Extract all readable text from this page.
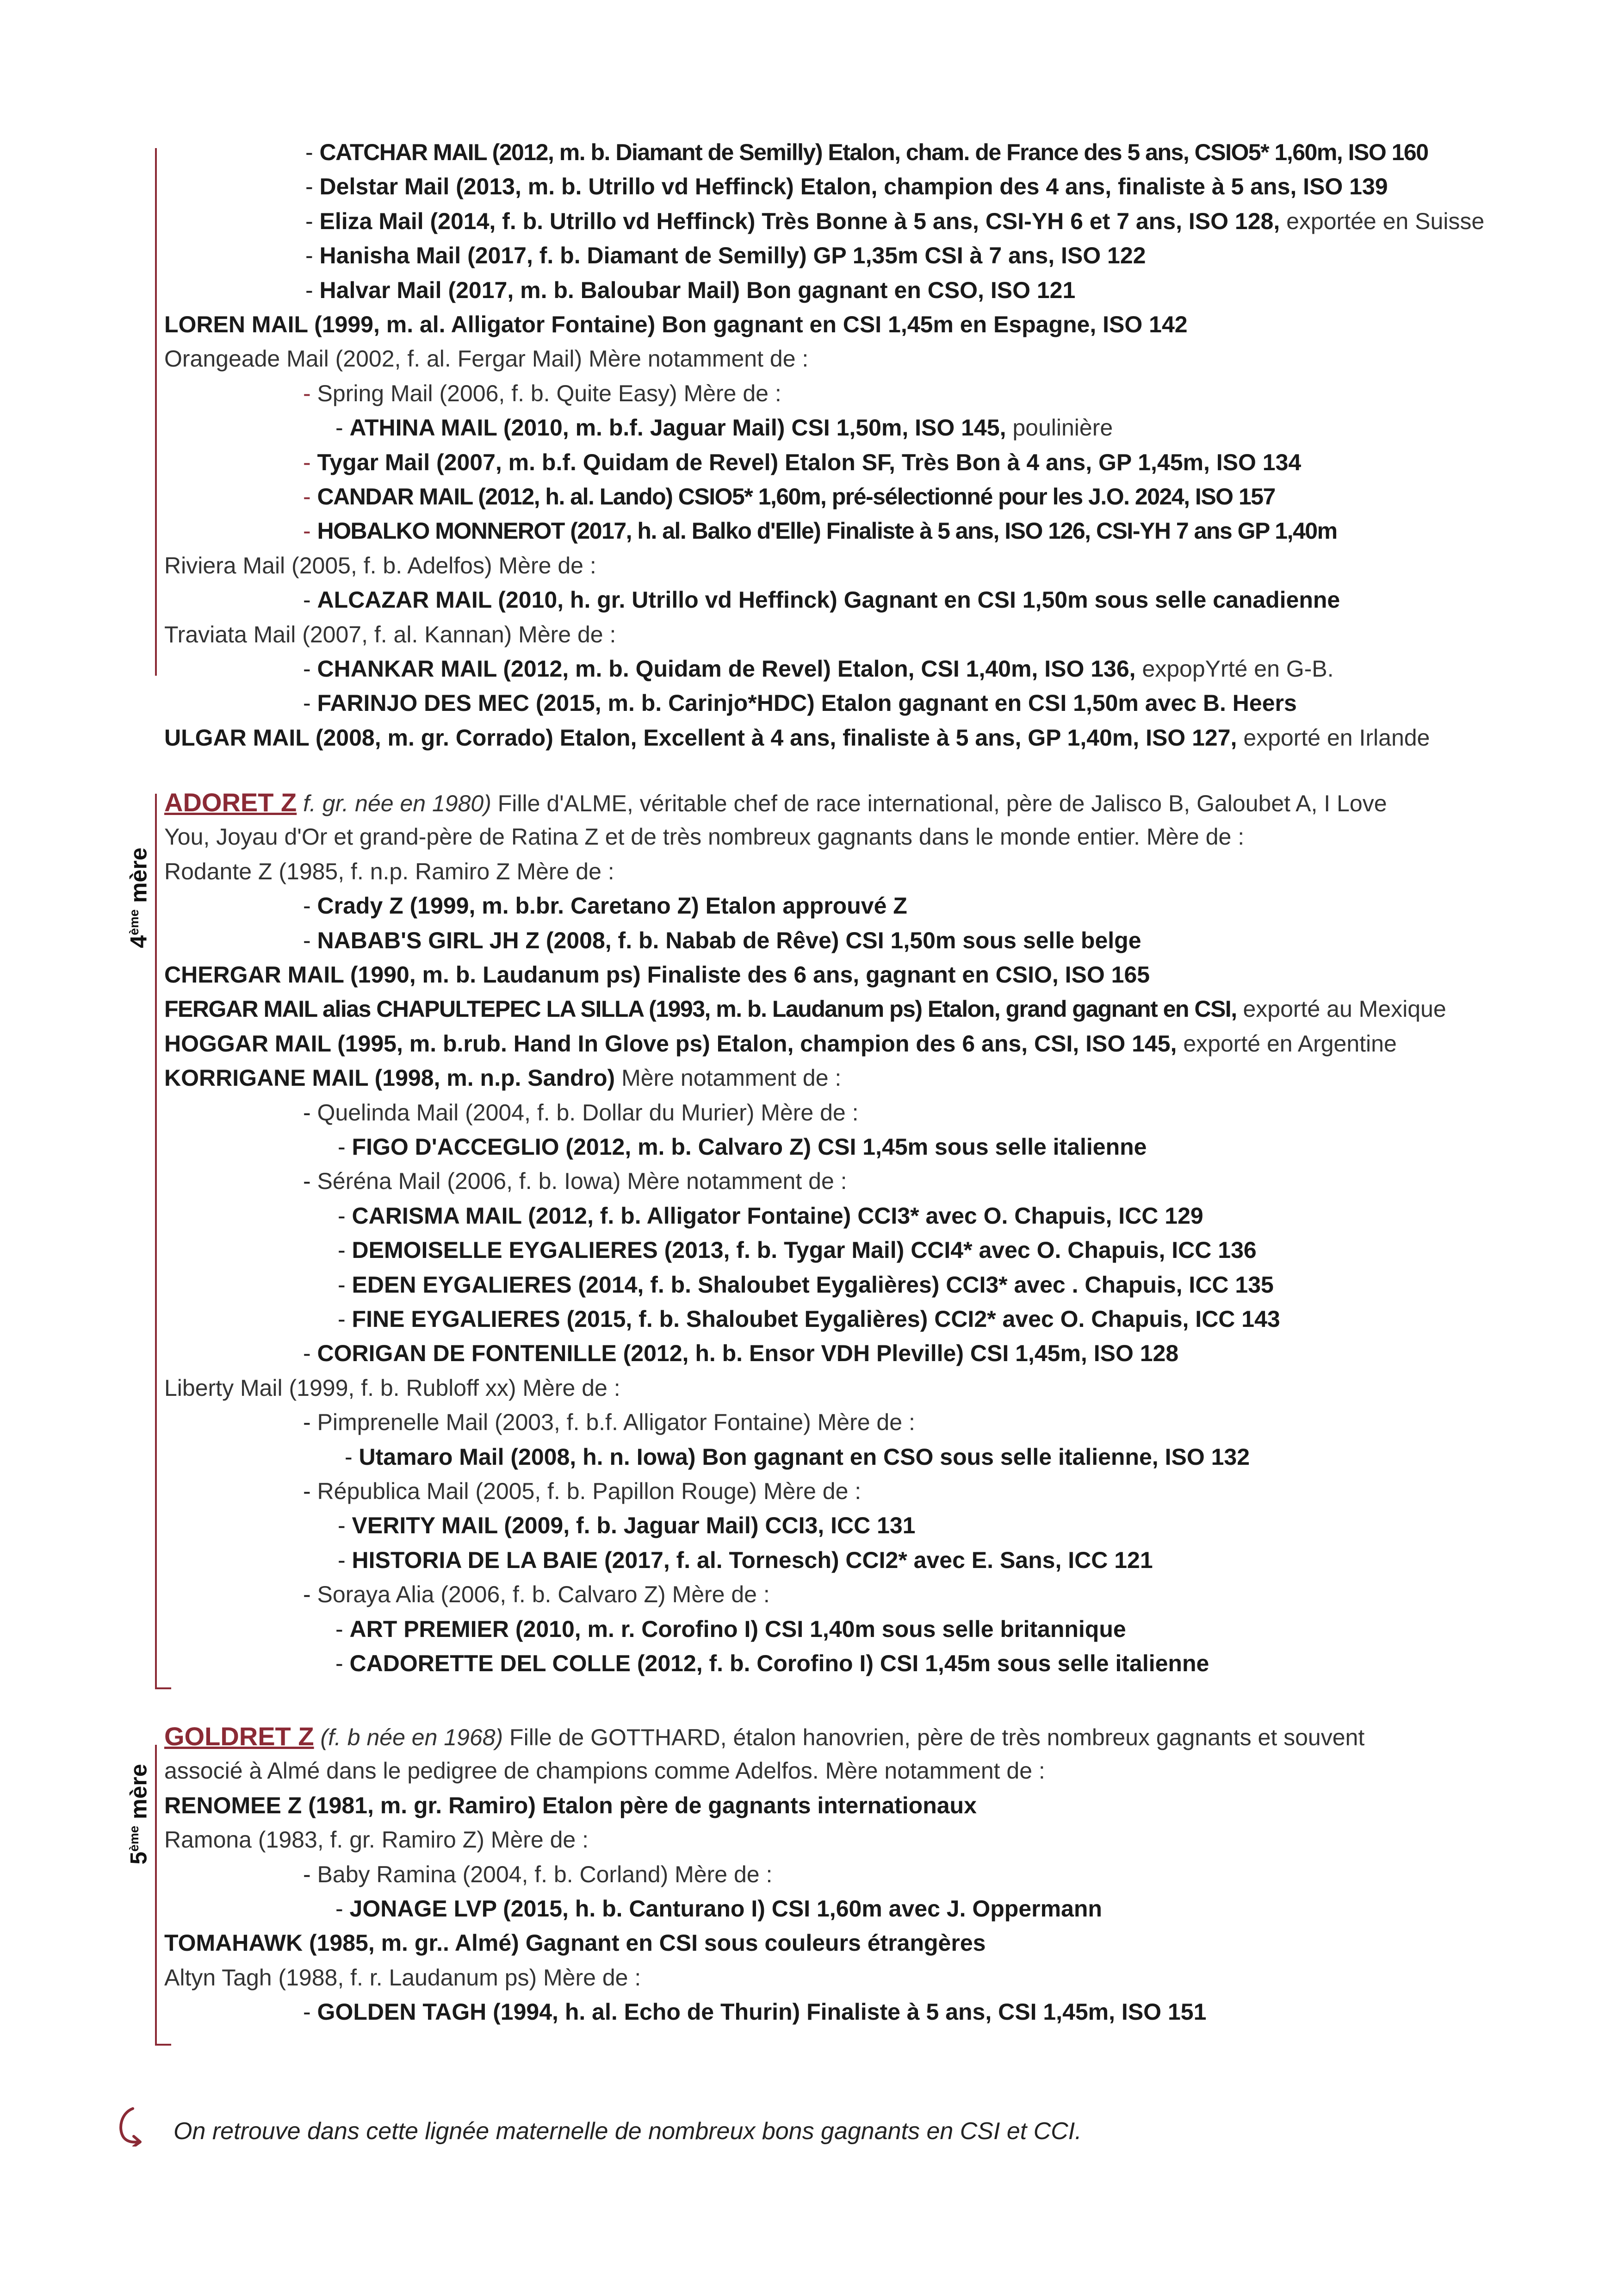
4ème mère
5ème mère
- CATCHAR MAIL (2012, m. b. Diamant de Semilly) Etalon, cham. de France des 5 ans, CSIO5* 1,60m, ISO 160
- Delstar Mail (2013, m. b. Utrillo vd Heffinck) Etalon, champion des 4 ans, finaliste à 5 ans, ISO 139
- Eliza Mail (2014, f. b. Utrillo vd Heffinck) Très Bonne à 5 ans, CSI-YH 6 et 7 ans, ISO 128, exportée en Suisse
- Hanisha Mail (2017, f. b. Diamant de Semilly) GP 1,35m CSI à 7 ans, ISO 122
- Halvar Mail (2017, m. b. Baloubar Mail) Bon gagnant en CSO, ISO 121
LOREN MAIL (1999, m. al. Alligator Fontaine) Bon gagnant en CSI 1,45m en Espagne, ISO 142
Orangeade Mail (2002, f. al. Fergar Mail) Mère notamment de :
- Spring Mail (2006, f. b. Quite Easy) Mère de :
- ATHINA MAIL (2010, m. b.f. Jaguar Mail) CSI 1,50m, ISO 145, poulinière
- Tygar Mail (2007, m. b.f. Quidam de Revel) Etalon SF, Très Bon à 4 ans, GP 1,45m, ISO 134
- CANDAR MAIL (2012, h. al. Lando) CSIO5* 1,60m, pré-sélectionné pour les J.O. 2024, ISO 157
- HOBALKO MONNEROT (2017, h. al. Balko d'Elle) Finaliste à 5 ans, ISO 126, CSI-YH 7 ans GP 1,40m
Riviera Mail (2005, f. b. Adelfos) Mère de :
- ALCAZAR MAIL (2010, h. gr. Utrillo vd Heffinck) Gagnant en CSI 1,50m sous selle canadienne
Traviata Mail (2007, f. al. Kannan) Mère de :
- CHANKAR MAIL (2012, m. b. Quidam de Revel) Etalon, CSI 1,40m, ISO 136, expopYrté en G-B.
- FARINJO DES MEC (2015, m. b. Carinjo*HDC) Etalon gagnant en CSI 1,50m avec B. Heers
ULGAR MAIL (2008, m. gr. Corrado) Etalon, Excellent à 4 ans, finaliste à 5 ans, GP 1,40m, ISO 127, exporté en Irlande
ADORET Z f. gr. née en 1980) Fille d'ALME, véritable chef de race international, père de Jalisco B, Galoubet A, I Love
You, Joyau d'Or et grand-père de Ratina Z et de très nombreux gagnants dans le monde entier. Mère de :
Rodante Z (1985, f. n.p. Ramiro Z Mère de :
- Crady Z (1999, m. b.br. Caretano Z) Etalon approuvé Z
- NABAB'S GIRL JH Z (2008, f. b. Nabab de Rêve) CSI 1,50m sous selle belge
CHERGAR MAIL (1990, m. b. Laudanum ps) Finaliste des 6 ans, gagnant en CSIO, ISO 165
FERGAR MAIL alias CHAPULTEPEC LA SILLA (1993, m. b. Laudanum ps) Etalon, grand gagnant en CSI, exporté au Mexique
HOGGAR MAIL (1995, m. b.rub. Hand In Glove ps) Etalon, champion des 6 ans, CSI, ISO 145, exporté en Argentine
KORRIGANE MAIL (1998, m. n.p. Sandro) Mère notamment de :
- Quelinda Mail (2004, f. b. Dollar du Murier) Mère de :
- FIGO D'ACCEGLIO (2012, m. b. Calvaro Z) CSI 1,45m sous selle italienne
- Séréna Mail (2006, f. b. Iowa) Mère notamment de :
- CARISMA MAIL (2012, f. b. Alligator Fontaine) CCI3* avec O. Chapuis, ICC 129
- DEMOISELLE EYGALIERES (2013, f. b. Tygar Mail) CCI4* avec O. Chapuis, ICC 136
- EDEN EYGALIERES (2014, f. b. Shaloubet Eygalières) CCI3* avec . Chapuis, ICC 135
- FINE EYGALIERES (2015, f. b. Shaloubet Eygalières) CCI2* avec O. Chapuis, ICC 143
- CORIGAN DE FONTENILLE (2012, h. b. Ensor VDH Pleville) CSI 1,45m, ISO 128
Liberty Mail (1999, f. b. Rubloff xx) Mère de :
- Pimprenelle Mail (2003, f. b.f. Alligator Fontaine) Mère de :
- Utamaro Mail (2008, h. n. Iowa) Bon gagnant en CSO sous selle italienne, ISO 132
- Républica Mail (2005, f. b. Papillon Rouge) Mère de :
- VERITY MAIL (2009, f. b. Jaguar Mail) CCI3, ICC 131
- HISTORIA DE LA BAIE (2017, f. al. Tornesch) CCI2* avec E. Sans, ICC 121
- Soraya Alia (2006, f. b. Calvaro Z) Mère de :
- ART PREMIER (2010, m. r. Corofino I) CSI 1,40m sous selle britannique
- CADORETTE DEL COLLE (2012, f. b. Corofino I) CSI 1,45m sous selle italienne
GOLDRET Z (f. b née en 1968) Fille de GOTTHARD, étalon hanovrien, père de très nombreux gagnants et souvent
associé à Almé dans le pedigree de champions comme Adelfos. Mère notamment de :
RENOMEE Z (1981, m. gr. Ramiro) Etalon père de gagnants internationaux
Ramona (1983, f. gr. Ramiro Z) Mère de :
- Baby Ramina (2004, f. b. Corland) Mère de :
- JONAGE LVP (2015, h. b. Canturano I) CSI 1,60m avec J. Oppermann
TOMAHAWK (1985, m. gr.. Almé) Gagnant en CSI sous couleurs étrangères
Altyn Tagh (1988, f. r. Laudanum ps) Mère de :
- GOLDEN TAGH (1994, h. al. Echo de Thurin) Finaliste à 5 ans, CSI 1,45m, ISO 151
On retrouve dans cette lignée maternelle de nombreux bons gagnants en CSI et CCI.
